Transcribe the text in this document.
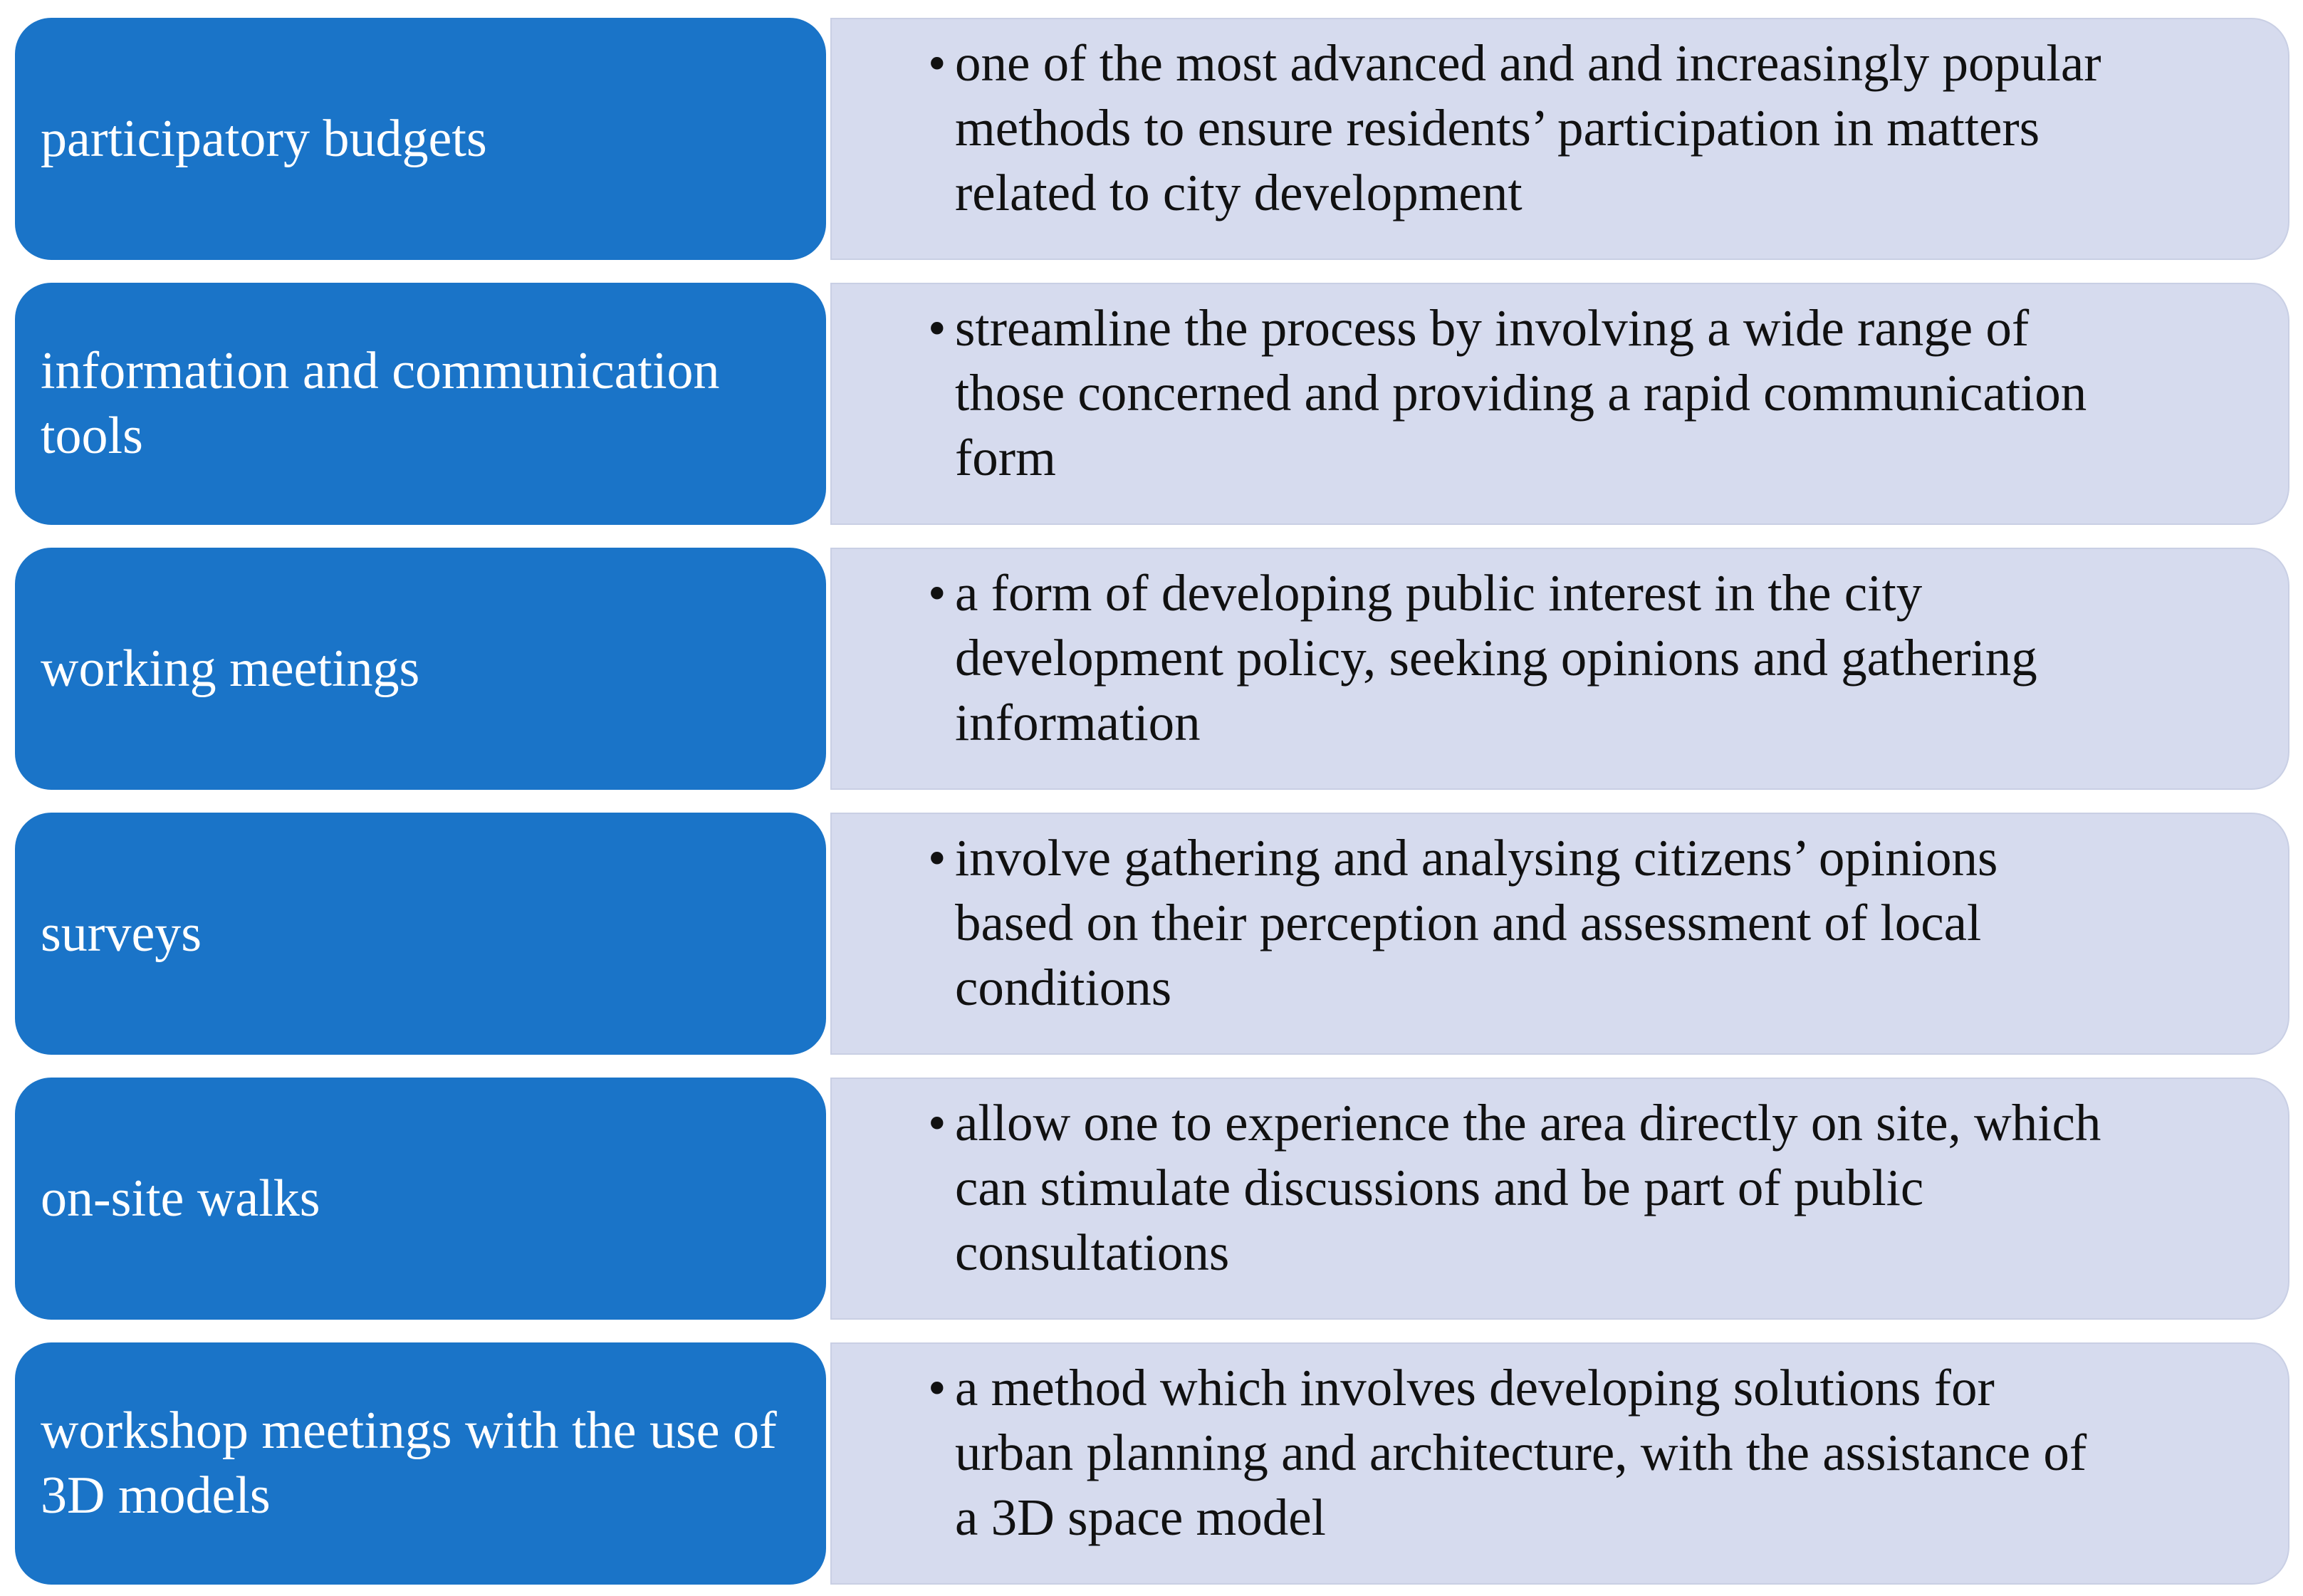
• one of the most advanced and and increasingly popular methods to ensure residents’ participation in matters related to city development
participatory budgets
• streamline the process by involving a wide range of those concerned and providing a rapid communication form
information and communication tools
• a form of developing public interest in the city development policy, seeking opinions and gathering information
working meetings
• involve gathering and analysing citizens’ opinions based on their perception and assessment of local conditions
surveys
• allow one to experience the area directly on site, which can stimulate discussions and be part of public consultations
on-site walks
• a method which involves developing solutions for urban planning and architecture, with the assistance of a 3D space model
workshop meetings with the use of 3D models
